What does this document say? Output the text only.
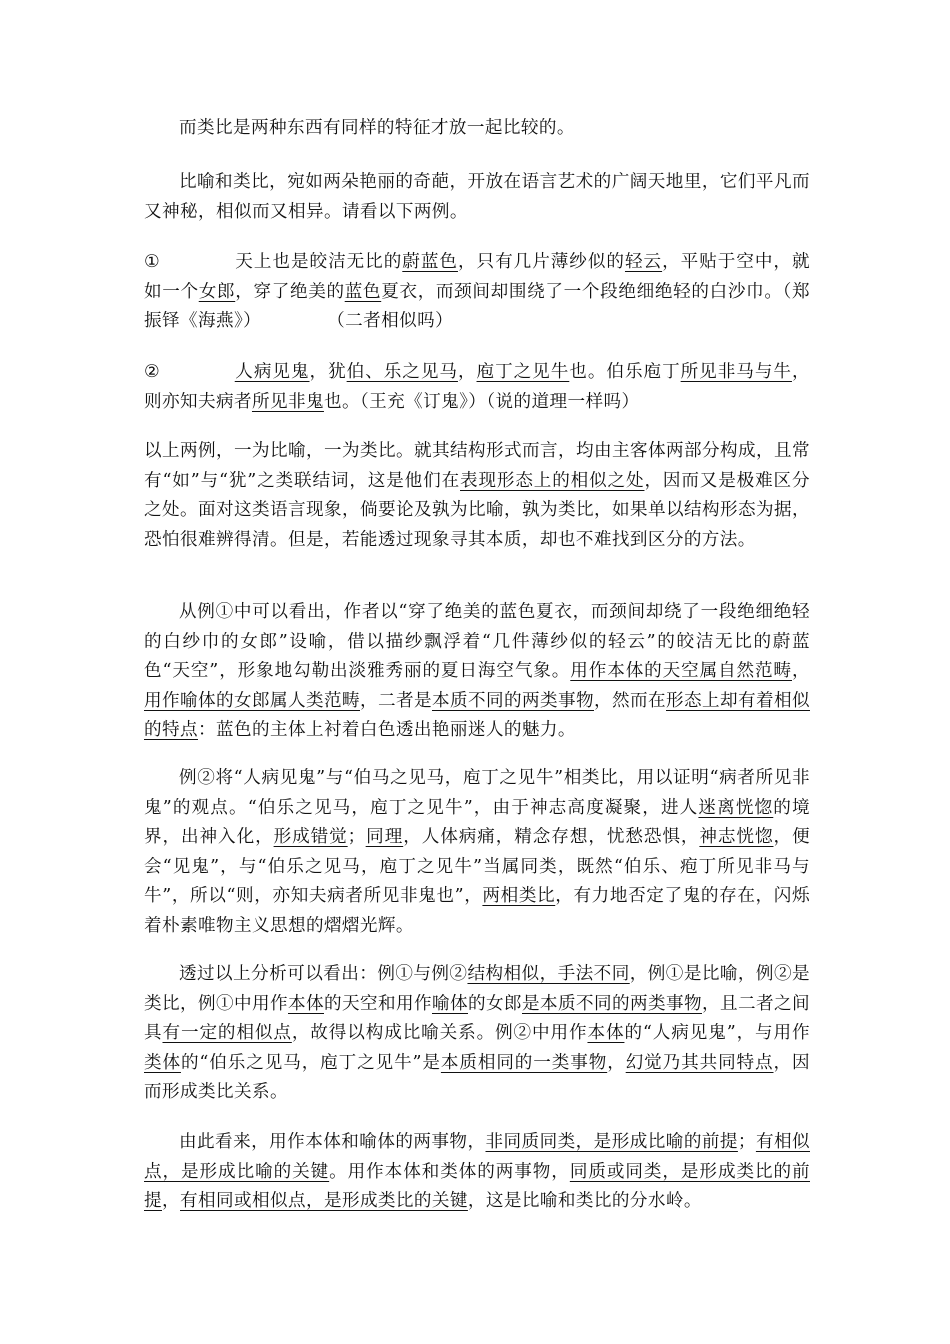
而类比是两种东西有同样的特征才放一起比较的。

比喻和类比，宛如两朵艳丽的奇葩，开放在语言艺术的广阔天地里，它们平凡而又神秘，相似而又相异。请看以下两例。

①	天上也是皎洁无比的蔚蓝色，只有几片薄纱似的轻云，平贴于空中，就如一个女郎，穿了绝美的蓝色夏衣，而颈间却围绕了一个段绝细绝轻的白沙巾。（郑振铎《海燕》）	（二者相似吗）

②	人病见鬼，犹伯、乐之见马，庖丁之见牛也。伯乐庖丁所见非马与牛，则亦知夫病者所见非鬼也。（王充《订鬼》）（说的道理一样吗）

以上两例，一为比喻，一为类比。就其结构形式而言，均由主客体两部分构成，且常有“如”与“犹”之类联结词，这是他们在表现形态上的相似之处，因而又是极难区分之处。面对这类语言现象，倘要论及孰为比喻，孰为类比，如果单以结构形态为据，恐怕很难辨得清。但是，若能透过现象寻其本质，却也不难找到区分的方法。

从例①中可以看出，作者以“穿了绝美的蓝色夏衣，而颈间却绕了一段绝细绝轻的白纱巾的女郎”设喻，借以描纱飘浮着“几件薄纱似的轻云”的皎洁无比的蔚蓝色“天空”，形象地勾勒出淡雅秀丽的夏日海空气象。用作本体的天空属自然范畴，用作喻体的女郎属人类范畴，二者是本质不同的两类事物，然而在形态上却有着相似的特点：蓝色的主体上衬着白色透出艳丽迷人的魅力。

例②将“人病见鬼”与“伯马之见马，庖丁之见牛”相类比，用以证明“病者所见非鬼”的观点。“伯乐之见马，庖丁之见牛”，由于神志高度凝聚，进人迷离恍惚的境界，出神入化，形成错觉；同理，人体病痛，精念存想，忧愁恐惧，神志恍惚，便会“见鬼”，与“伯乐之见马，庖丁之见牛”当属同类，既然“伯乐、疱丁所见非马与牛”，所以“则，亦知夫病者所见非鬼也”，两相类比，有力地否定了鬼的存在，闪烁着朴素唯物主义思想的熠熠光辉。

透过以上分析可以看出：例①与例②结构相似，手法不同，例①是比喻，例②是类比，例①中用作本体的天空和用作喻体的女郎是本质不同的两类事物，且二者之间具有一定的相似点，故得以构成比喻关系。例②中用作本体的“人病见鬼”，与用作类体的“伯乐之见马，庖丁之见牛”是本质相同的一类事物，幻觉乃其共同特点，因而形成类比关系。

由此看来，用作本体和喻体的两事物，非同质同类，是形成比喻的前提；有相似点，是形成比喻的关键。用作本体和类体的两事物，同质或同类，是形成类比的前提，有相同或相似点，是形成类比的关键，这是比喻和类比的分水岭。
